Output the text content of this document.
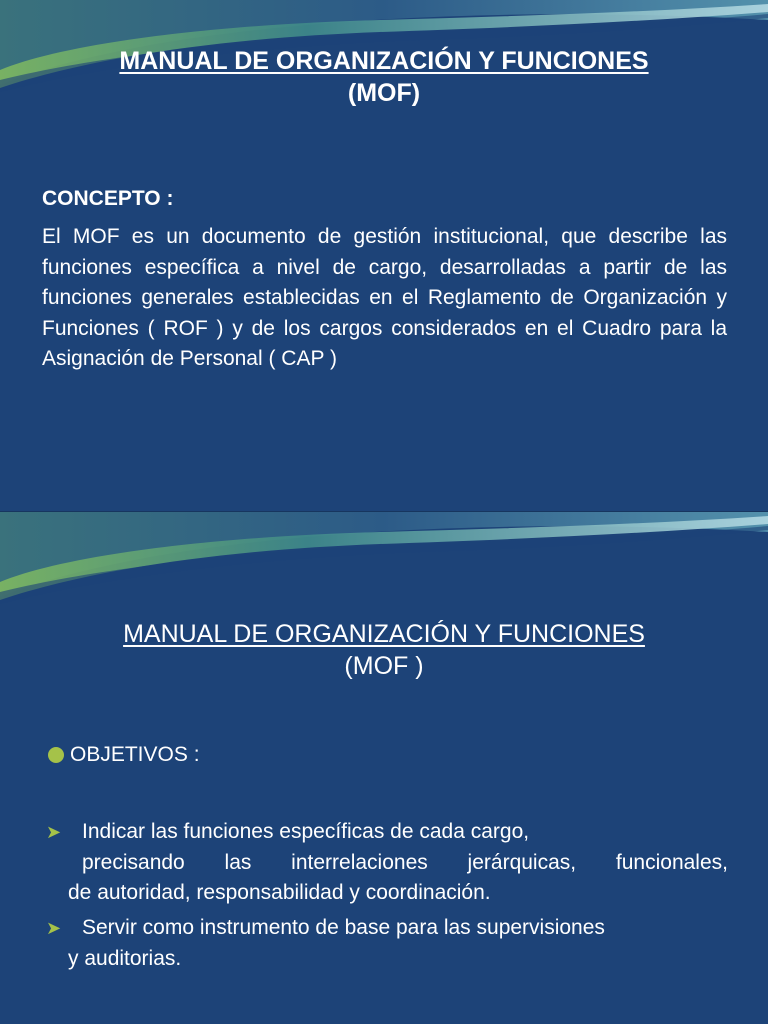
MANUAL DE ORGANIZACIÓN Y FUNCIONES
(MOF)
CONCEPTO :
El MOF es un documento de gestión institucional, que describe las funciones específica a nivel de cargo, desarrolladas a partir de las funciones generales establecidas en el Reglamento de Organización y Funciones ( ROF ) y de los cargos considerados en el Cuadro para la Asignación de Personal ( CAP )
MANUAL DE ORGANIZACIÓN Y FUNCIONES
(MOF )
OBJETIVOS :
➤ Indicar las funciones específicas de cada cargo,
precisando las interrelaciones jerárquicas, funcionales,
de autoridad, responsabilidad y coordinación.
➤ Servir como instrumento de base para las supervisiones
y auditorias.
